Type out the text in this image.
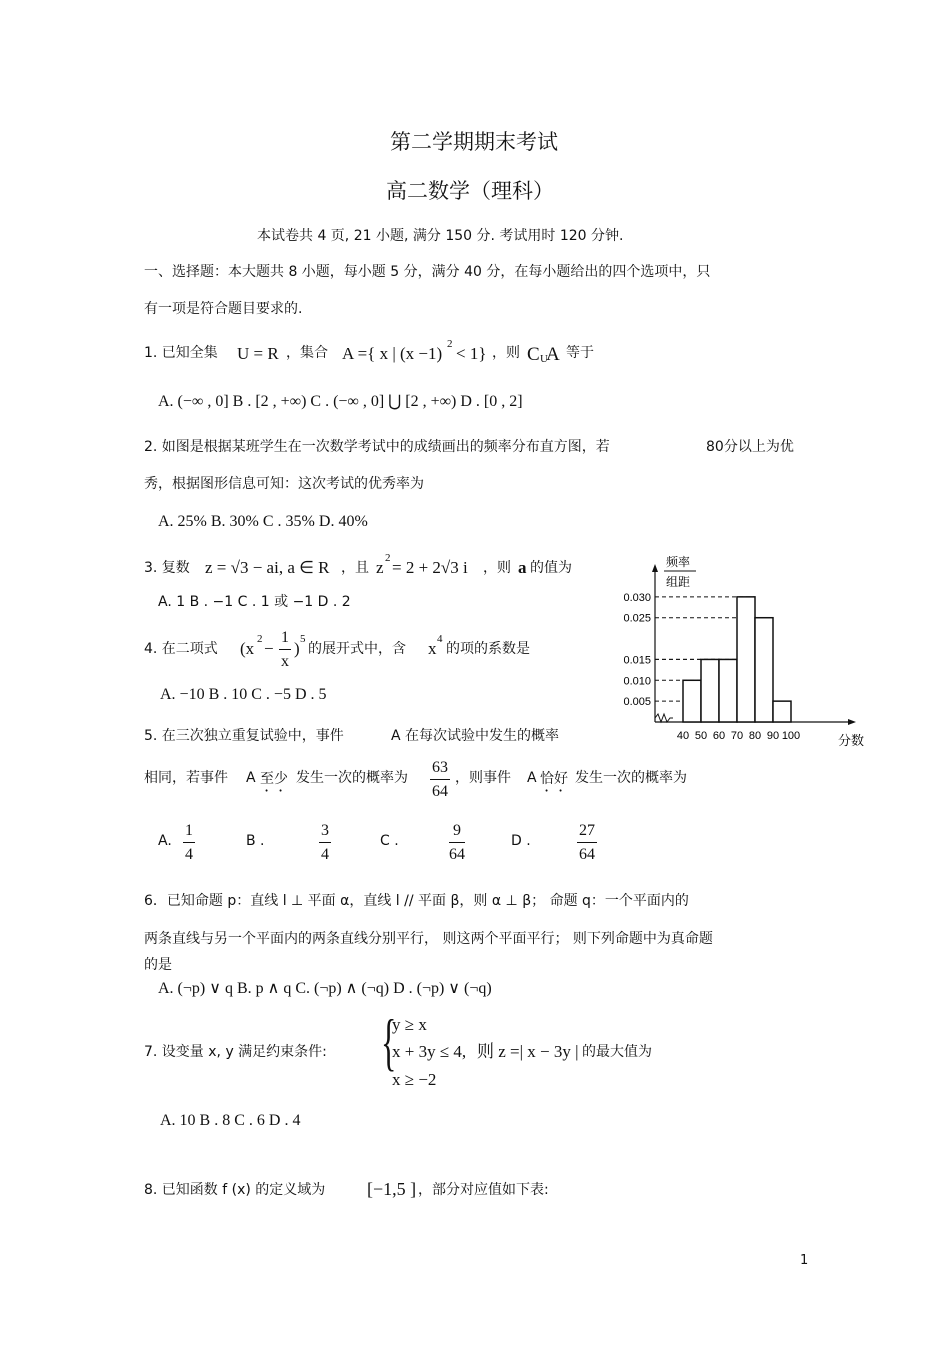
第二学期期末考试
高二数学（理科）
本试卷共 4 页, 21 小题, 满分 150 分. 考试用时 120 分钟.
一、选择题：本大题共 8 小题，每小题 5 分，满分 40 分，在每小题给出的四个选项中，只
有一项是符合题目要求的.
1. 已知全集 U = R ，集合 A ={ x | (x −1) 2 < 1} ，则 C U
A 等于
A. (−∞ , 0] B . [2 , +∞) C . (−∞ , 0] ⋃ [2 , +∞) D . [0 , 2]
2. 如图是根据某班学生在一次数学考试中的成绩画出的频率分布直方图，若	80分以上为优
秀，根据图形信息可知：这次考试的优秀率为
A. 25% B. 30% C . 35% D. 40%
3. 复数 z = √3 − ai, a ∈ R ，且 z 2 = 2 + 2√3 i ，则 a 的值为
A. 1 B . −1 C . 1 或 −1 D . 2
频率
组距
0.005
0.010
0.015
0.025
0.030
40 50 60 70 80 90 100	分数
4. 在二项式 (x $2 - \frac{1}{x}$ ) 5
的展开式中，含 x 4
的项的系数是
A. −10 B . 10 C . −5 D . 5
5. 在三次独立重复试验中，事件	A 在每次试验中发生的概率
相同，若事件 A 至少 发生一次的概率为 $\frac{63}{64}$ ，则事件 A 恰好 发生一次的概率为
A. $\frac{1}{4}$	B .	$\frac{3}{4}$	C .	$\frac{9}{64}$	D .	$\frac{27}{64}$
6．已知命题 p：直线 l ⊥ 平面 α，直线 l // 平面 β，则 α ⊥ β； 命题 q：一个平面内的
两条直线与另一个平面内的两条直线分别平行， 则这两个平面平行； 则下列命题中为真命题
的是
A. (¬p) ∨ q B. p ∧ q C. (¬p) ∧ (¬q) D . (¬p) ∨ (¬q)
7. 设变量 x, y 满足约束条件: {
y ≥ x
x + 3y ≤ 4, 则 z =| x − 3y | 的最大值为
x ≥ −2
A. 10 B . 8 C . 6 D . 4
8. 已知函数 f (x) 的定义域为 [−1,5 ] ，部分对应值如下表:
1
